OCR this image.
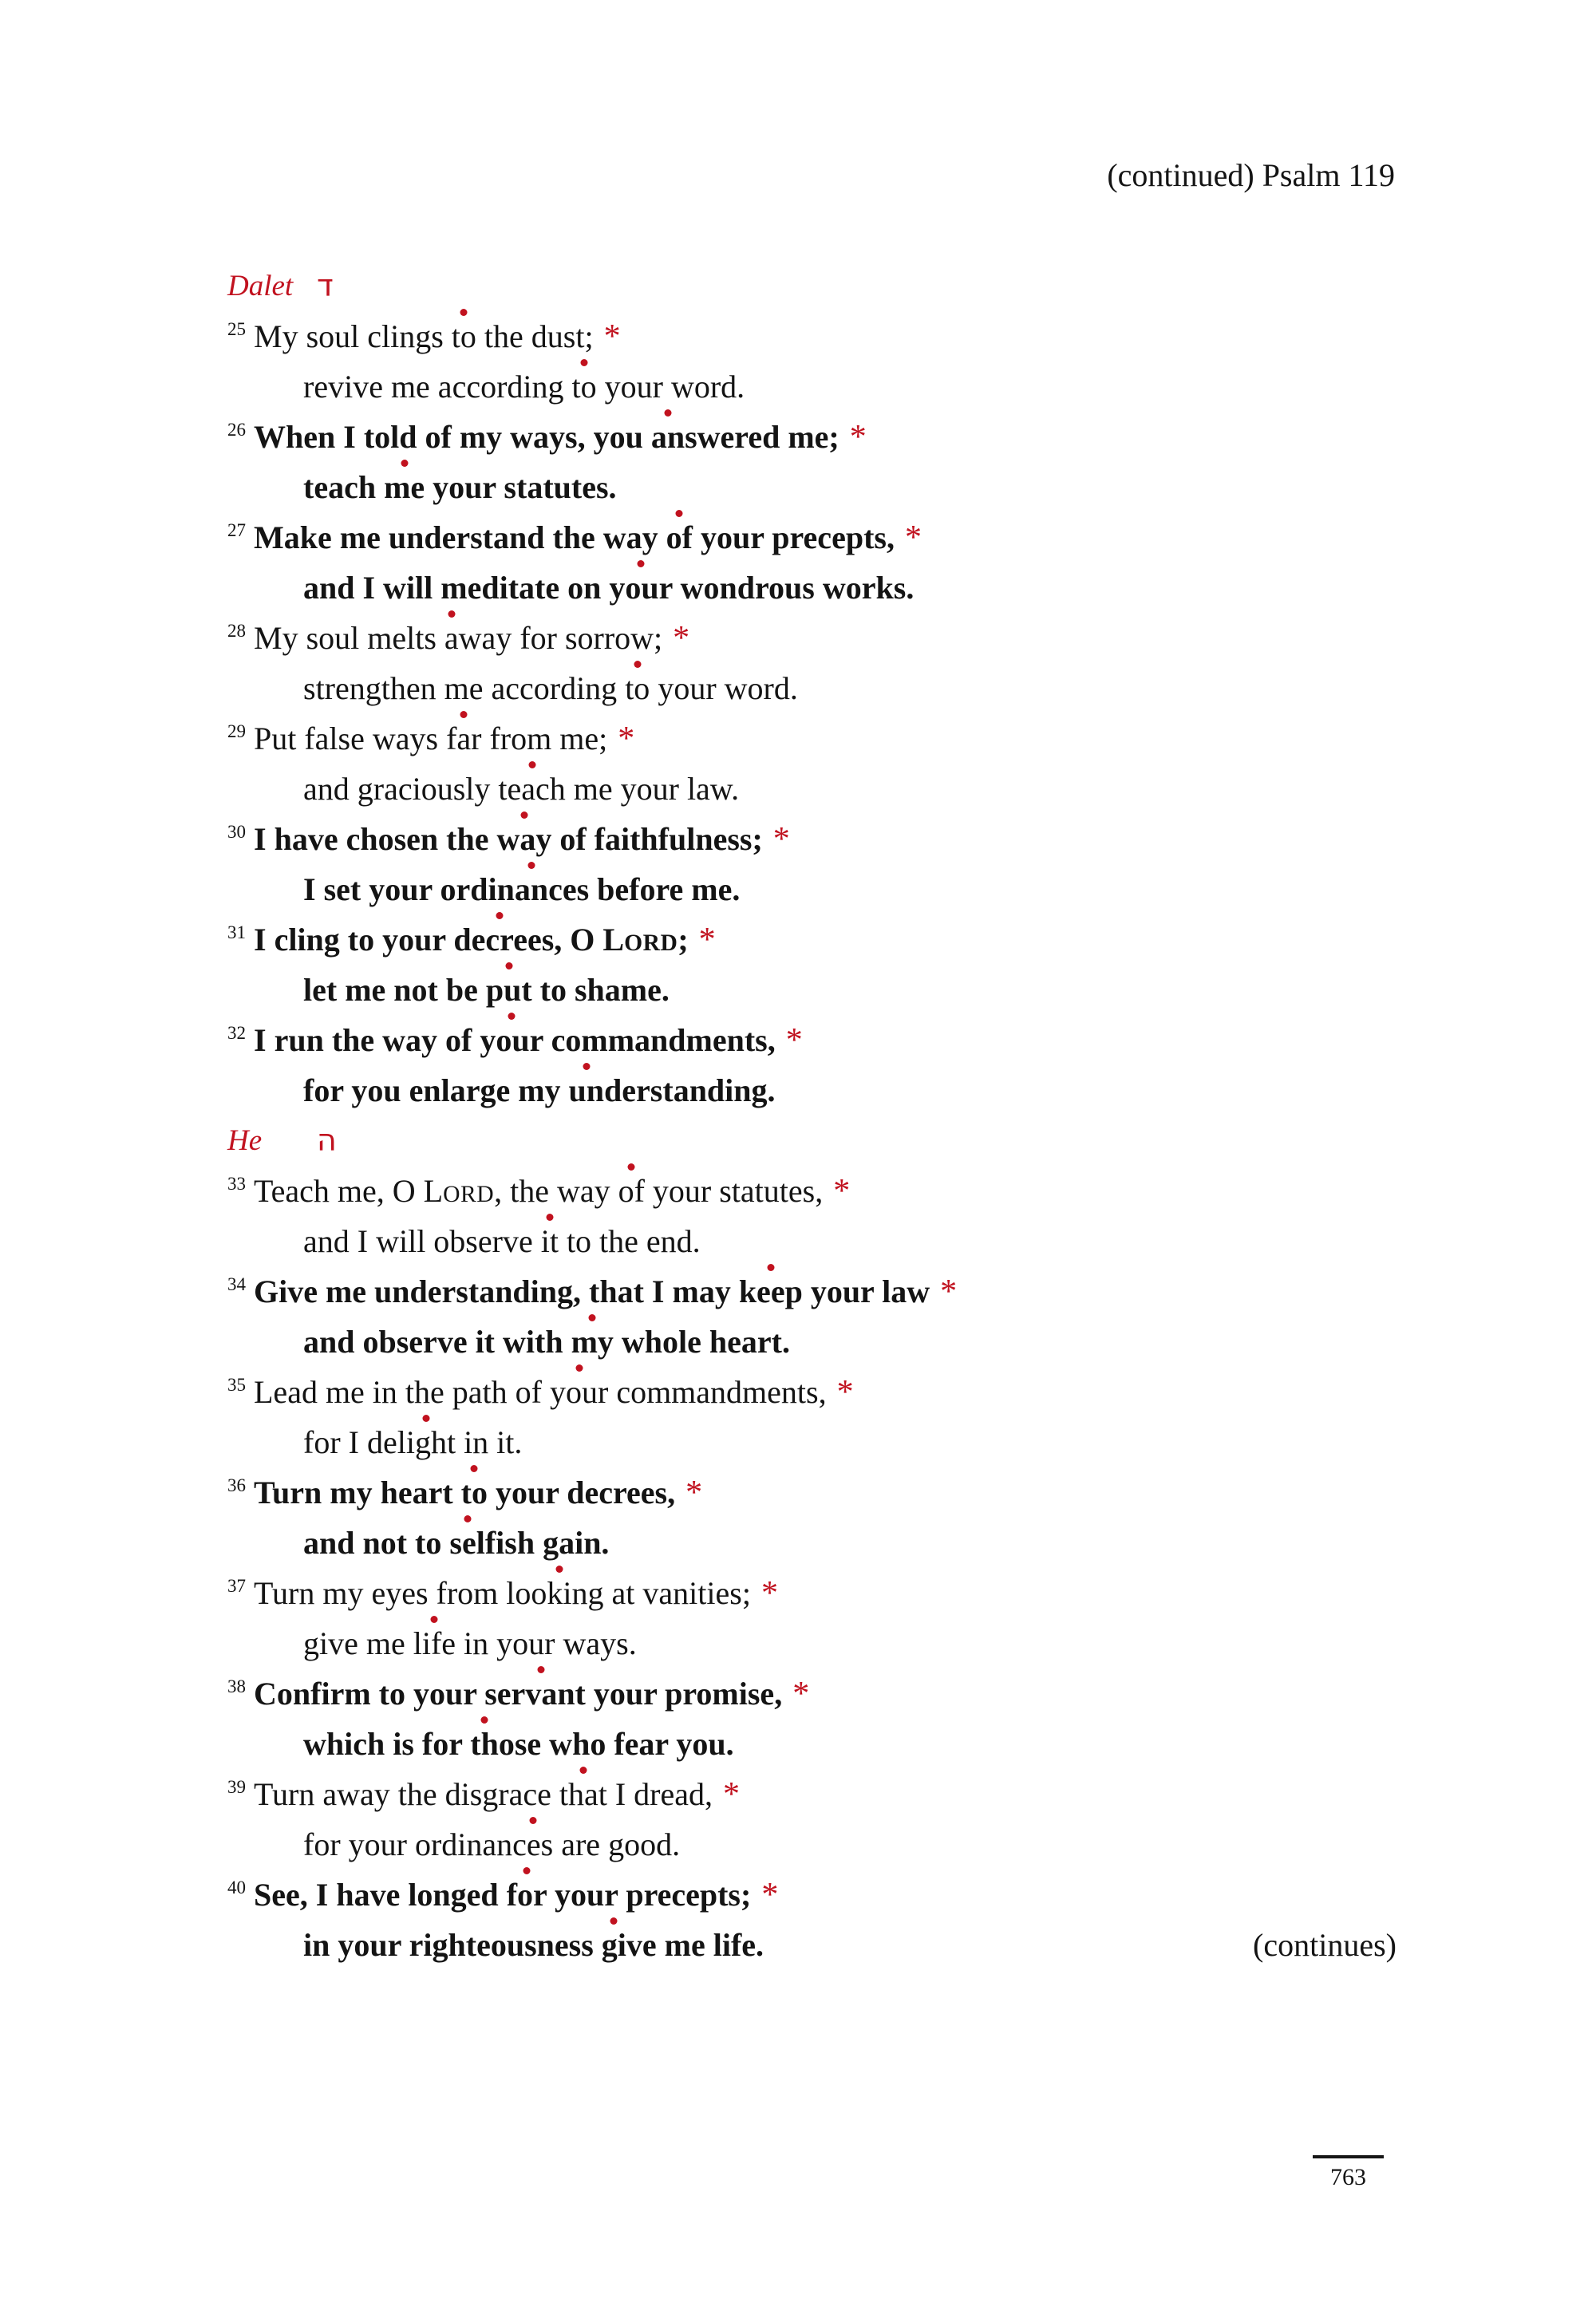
(continued) Psalm 119
Dalet ד
25 My soul clings to the dust; *
revive me according to your word.
26 When I told of my ways, you answered me; *
teach me your statutes.
27 Make me understand the way of your precepts, *
and I will meditate on your wondrous works.
28 My soul melts away for sorrow; *
strengthen me according to your word.
29 Put false ways far from me; *
and graciously teach me your law.
30 I have chosen the way of faithfulness; *
I set your ordinances before me.
31 I cling to your decrees, O LORD; *
let me not be put to shame.
32 I run the way of your commandments, *
for you enlarge my understanding.
He ה
33 Teach me, O LORD, the way of your statutes, *
and I will observe it to the end.
34 Give me understanding, that I may keep your law *
and observe it with my whole heart.
35 Lead me in the path of your commandments, *
for I delight in it.
36 Turn my heart to your decrees, *
and not to selfish gain.
37 Turn my eyes from looking at vanities; *
give me life in your ways.
38 Confirm to your servant your promise, *
which is for those who fear you.
39 Turn away the disgrace that I dread, *
for your ordinances are good.
40 See, I have longed for your precepts; *
in your righteousness give me life.	(continues)
763
